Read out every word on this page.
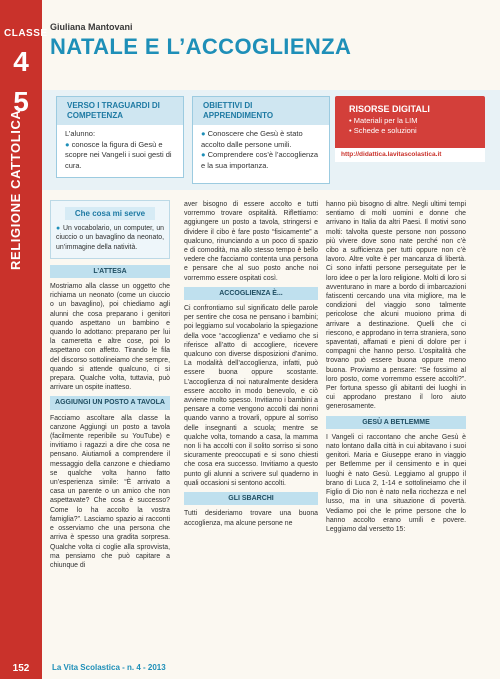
CLASSE
4
5
RELIGIONE CATTOLICA
Giuliana Mantovani
NATALE E L’ACCOGLIENZA
VERSO I TRAGUARDI DI COMPETENZA
L’alunno:
● conosce la figura di Gesù e scopre nei Vangeli i suoi gesti di cura.
OBIETTIVI DI APPRENDIMENTO
● Conoscere che Gesù è stato accolto dalle persone umili.
● Comprendere cos’è l’accoglienza e la sua importanza.
RISORSE DIGITALI
• Materiali per la LIM
• Schede e soluzioni
http://didattica.lavitascolastica.it
Che cosa mi serve
● Un vocabolario, un computer, un ciuccio o un bavaglino da neonato, un’immagine della natività.
L’ATTESA

Mostriamo alla classe un oggetto che richiama un neonato (come un ciuccio o un bavaglino), poi chiediamo agli alunni che cosa preparano i genitori quando aspettano un bambino e quando lo adottano: preparano per lui la cameretta e altre cose, poi lo aspettano con affetto. Tirando le fila del discorso sottolineiamo che sempre, quando si attende qualcuno, ci si prepara. Qualche volta, tuttavia, può arrivare un ospite inatteso.

AGGIUNGI UN POSTO A TAVOLA

Facciamo ascoltare alla classe la canzone Aggiungi un posto a tavola (facilmente reperibile su YouTube) e invitiamo i ragazzi a dire che cosa ne pensano. Aiutiamoli a comprendere il messaggio della canzone e chiediamo se qualche volta hanno fatto un’esperienza simile: “È arrivato a casa un parente o un amico che non aspettavate? Che cosa è successo? Come lo ha accolto la vostra famiglia?”. Lasciamo spazio ai racconti e osserviamo che una persona che arriva è spesso una gradita sorpresa. Qualche volta ci coglie alla sprovvista, ma pensiamo che può capitare a chiunque di

aver bisogno di essere accolto e tutti vorremmo trovare ospitalità. Riflettiamo: aggiungere un posto a tavola, stringersi e dividere il cibo è fare posto “fisicamente” a qualcuno, rinunciando a un poco di spazio e di comodità, ma allo stesso tempo è bello vedere che facciamo contenta una persona e pensare che al suo posto anche noi vorremmo essere ospitati così.

ACCOGLIENZA È...

Ci confrontiamo sul significato delle parole per sentire che cosa ne pensano i bambini; poi leggiamo sul vocabolario la spiegazione della voce “accoglienza” e vediamo che si riferisce all’atto di accogliere, ricevere qualcuno con diverse disposizioni d’animo. La modalità dell’accoglienza, infatti, può essere buona oppure scostante. L’accoglienza di noi naturalmente desidera essere accolto in modo benevolo, e ciò avviene molto spesso. Invitiamo i bambini a pensare a come vengono accolti dai nonni quando vanno a trovarli, oppure al sorriso delle insegnanti a scuola; mentre se qualche volta, tornando a casa, la mamma non li ha accolti con il solito sorriso si sono sicuramente preoccupati e si sono chiesti che cosa era successo. Invitiamo a questo punto gli alunni a scrivere sul quaderno in quali occasioni si sentono accolti.

GLI SBARCHI

Tutti desideriamo trovare una buona accoglienza, ma alcune persone ne

hanno più bisogno di altre. Negli ultimi tempi sentiamo di molti uomini e donne che arrivano in Italia da altri Paesi. Il motivi sono molti: talvolta queste persone non possono più vivere dove sono nate perché non c’è cibo a sufficienza per tutti oppure non c’è lavoro. Altre volte è per mancanza di libertà. Ci sono infatti persone perseguitate per le loro idee o per la loro religione. Molti di loro si avventurano in mare a bordo di imbarcazioni fatiscenti cercando una vita migliore, ma le condizioni del viaggio sono talmente pericolose che alcuni muoiono prima di arrivare a destinazione. Quelli che ci riescono, e approdano in terra straniera, sono spaventati, affamati e pieni di dolore per i compagni che hanno perso. L’ospitalità che trovano può essere buona oppure meno buona. Proviamo a pensare: “Se fossimo al loro posto, come vorremmo essere accolti?”. Per fortuna spesso gli abitanti dei luoghi in cui approdano prestano il loro aiuto generosamente.

GESÙ A BETLEMME

I Vangeli ci raccontano che anche Gesù è nato lontano dalla città in cui abitavano i suoi genitori. Maria e Giuseppe erano in viaggio per Betlemme per il censimento e in quei luoghi è nato Gesù. Leggiamo al gruppo il brano di Luca 2, 1-14 e sottolineiamo che il Figlio di Dio non è nato nella ricchezza e nel lusso, ma in una situazione di povertà. Vediamo poi che le prime persone che lo hanno accolto erano umili e povere. Leggiamo dal versetto 15:

152	La Vita Scolastica - n. 4 - 2013
